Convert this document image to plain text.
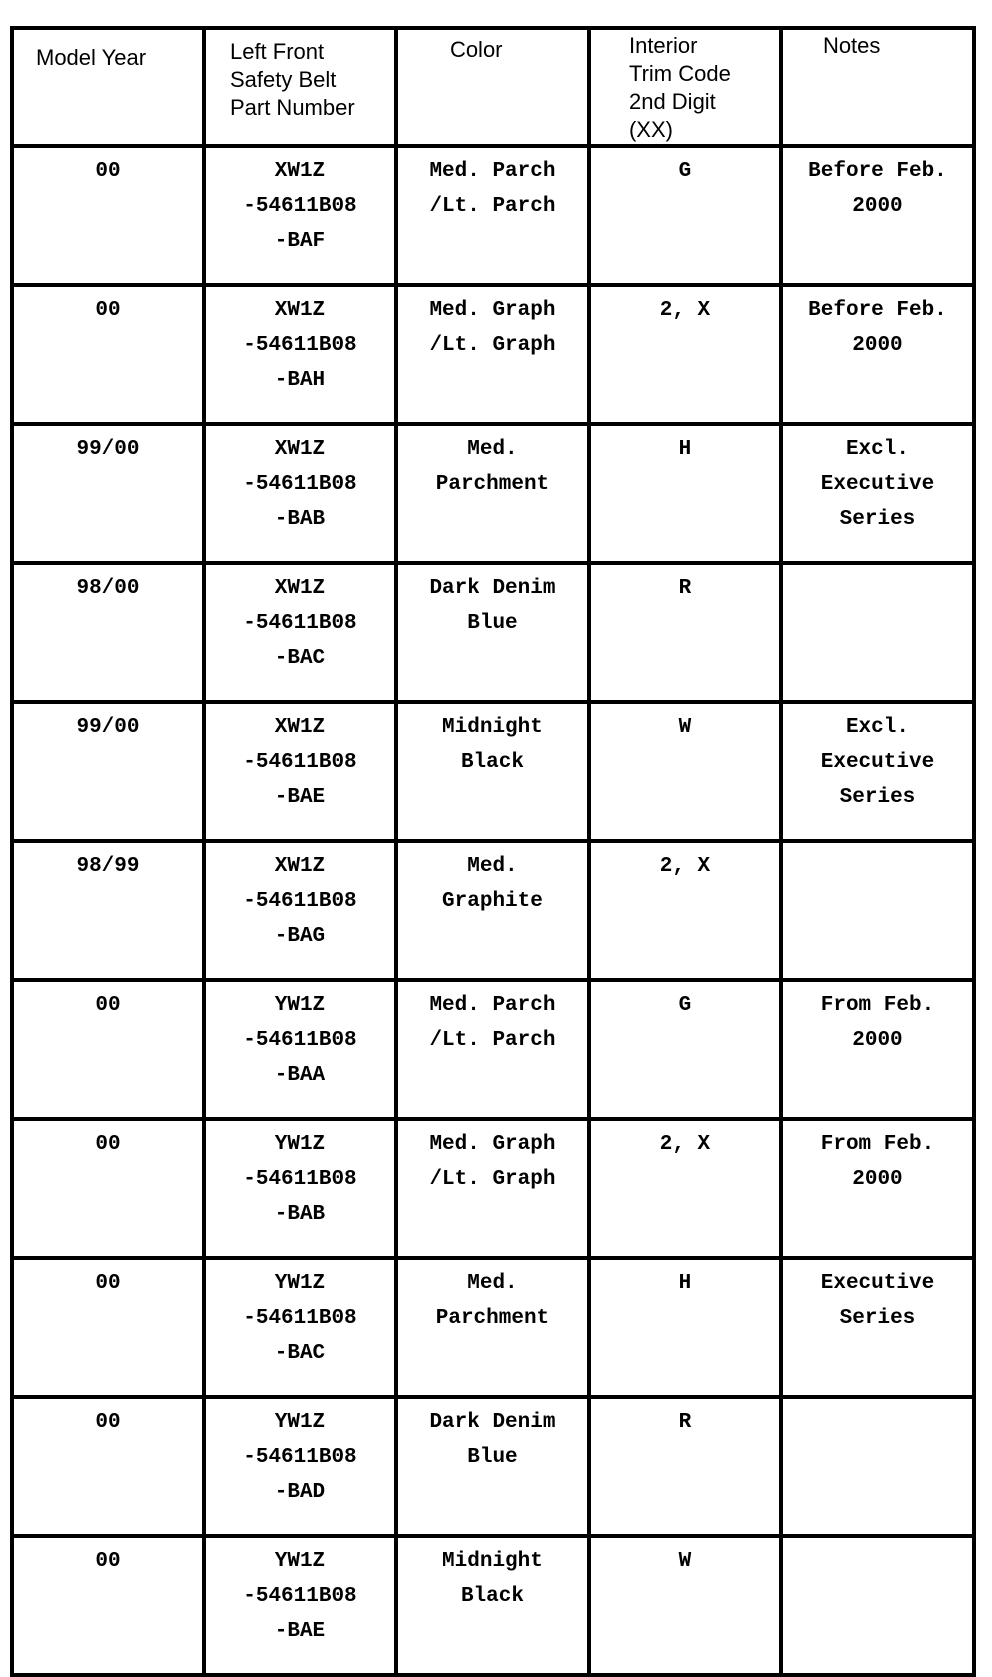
Model Year	Left Front
Safety Belt
Part Number	Color	Interior
Trim Code
2nd Digit
(XX)	Notes

00	XW1Z
-54611B08
-BAF	Med. Parch
/Lt. Parch	G	Before Feb.
2000
00	XW1Z
-54611B08
-BAH	Med. Graph
/Lt. Graph	2, X	Before Feb.
2000
99/00	XW1Z
-54611B08
-BAB	Med.
Parchment	H	Excl.
Executive
Series
98/00	XW1Z
-54611B08
-BAC	Dark Denim
Blue	R	
99/00	XW1Z
-54611B08
-BAE	Midnight
Black	W	Excl.
Executive
Series
98/99	XW1Z
-54611B08
-BAG	Med.
Graphite	2, X	
00	YW1Z
-54611B08
-BAA	Med. Parch
/Lt. Parch	G	From Feb.
2000
00	YW1Z
-54611B08
-BAB	Med. Graph
/Lt. Graph	2, X	From Feb.
2000
00	YW1Z
-54611B08
-BAC	Med.
Parchment	H	Executive
Series
00	YW1Z
-54611B08
-BAD	Dark Denim
Blue	R	
00	YW1Z
-54611B08
-BAE	Midnight
Black	W	
